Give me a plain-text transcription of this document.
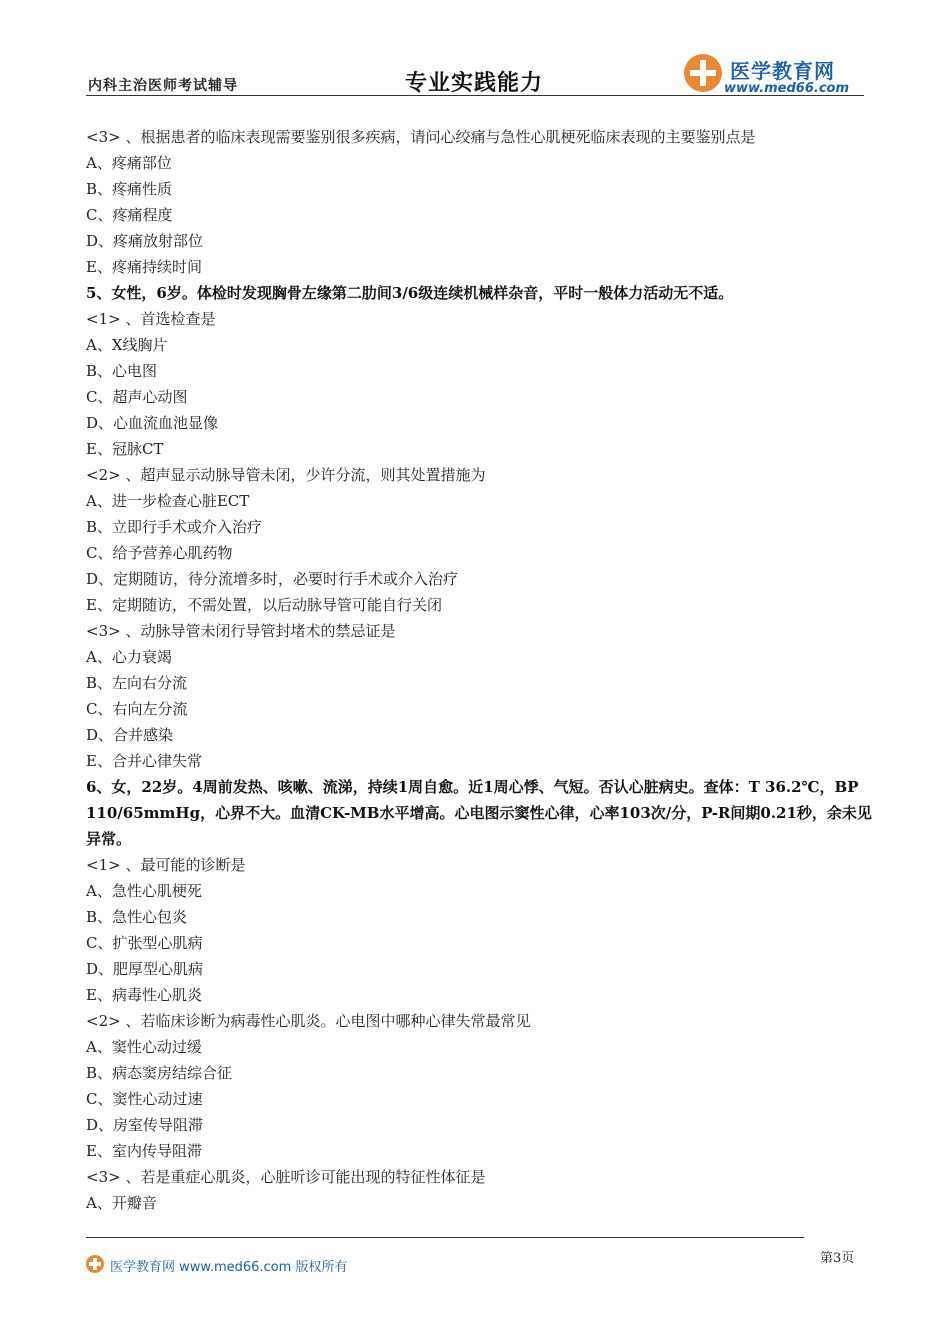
内科主治医师考试辅导	专业实践能力	医学教育网
www.med66.com
<3> 、根据患者的临床表现需要鉴别很多疾病，请问心绞痛与急性心肌梗死临床表现的主要鉴别点是
A、疼痛部位
B、疼痛性质
C、疼痛程度
D、疼痛放射部位
E、疼痛持续时间
5、女性，6岁。体检时发现胸骨左缘第二肋间3/6级连续机械样杂音，平时一般体力活动无不适。
<1> 、首选检查是
A、X线胸片
B、心电图
C、超声心动图
D、心血流血池显像
E、冠脉CT
<2> 、超声显示动脉导管未闭，少许分流，则其处置措施为
A、进一步检查心脏ECT
B、立即行手术或介入治疗
C、给予营养心肌药物
D、定期随访，待分流增多时，必要时行手术或介入治疗
E、定期随访，不需处置，以后动脉导管可能自行关闭
<3> 、动脉导管未闭行导管封堵术的禁忌证是
A、心力衰竭
B、左向右分流
C、右向左分流
D、合并感染
E、合并心律失常
6、女，22岁。4周前发热、咳嗽、流涕，持续1周自愈。近1周心悸、气短。否认心脏病史。查体：T 36.2℃，BP
110/65mmHg，心界不大。血清CK-MB水平增高。心电图示窦性心律，心率103次/分，P-R间期0.21秒，余未见
异常。
<1> 、最可能的诊断是
A、急性心肌梗死
B、急性心包炎
C、扩张型心肌病
D、肥厚型心肌病
E、病毒性心肌炎
<2> 、若临床诊断为病毒性心肌炎。心电图中哪种心律失常最常见
A、窦性心动过缓
B、病态窦房结综合征
C、窦性心动过速
D、房室传导阻滞
E、室内传导阻滞
<3> 、若是重症心肌炎，心脏听诊可能出现的特征性体征是
A、开瓣音
医学教育网 www.med66.com 版权所有
第3页
